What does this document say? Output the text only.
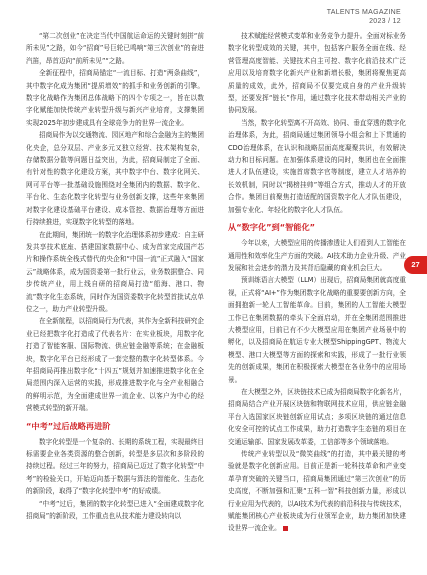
TALENTS MAGAZINE
2023 / 12

“第二次创业”在决定当代中国航运命运的关键时刻拼“前所未见”之路，如今“招商”号巨轮已鸣响“第三次创业”的奋进汽笛，昂首迈向“前所未见”“之路。

全新征程中，招商局锚定“一流目标、打造“两条曲线”，其中数字化成为集团“提质增效”的抓手和业务创新的引擎。数字化战略作为集团总体战略下的四个专项之一，旨在以数字化赋能加快传统产业转型升级与新兴产业培育，支撑集团实现2025年初步建成具有全球竞争力的世界一流企业。

招商局作为以交通物流、园区地产和综合金融为主的集团化央企，总分双层、产业多元又独立经营、技术架构复杂，存储数据分散等问题日益突出，为此，招商局制定了全面、有针对性的数字化建设方案，其中数字中台、数字化网关、网可平台等一批基础设施围绕对全集团内的数据、数字化、平台化、生态化数字化转型与业务创新支撑，这些年来集团对数字化建设基础平台建设、成本管控、数据治理等方面进行持续推进，实现数字化转型的落地。

在此期间，集团统一的数字化治理体系初步建成：自主研发共享技术底座、搭建国家数据中心、成为首家完成国产芯片和操作系统全栈式替代的央企和“中国一流”正式融入“国家云”战略体系，成为国资委第一批行业云，业务数据整合、同步传统产业，用上线自研的招商局打造“船海、港口、物流”数字化生态系统，同时作为国资委数字化转型首批试点单位之一，助力产业转型升级。

在全新航程，以招商局行为代表，其作为全新科技研究企业已经把数字化打造成了代表名片：在实业板块，用数字化打造了智能客服、国际物流、供应链金融等系统；在金融板块，数字化平台已经形成了一套完整的数字化转型体系。今年招商局再推出数字化“十四五”规划并加速推进数字化在全局范围内深入运营的实践，形成推进数字化与全产业相融合的鲜明示范，为全面建成世界一流企业、以客户为中心的经营模式转型的新开端。

“中考”过后战略再进阶

数字化转型是一个复杂的、长期的系统工程，实现最终目标需要企业各类资源的整合创新，转型是多层次和多阶段的持续过程。经过三年的努力，招商局已迈过了数字化转型“中考”的检验关口，开始迈向基于数据与算法的智能化、生态化的新阶段，取得了“数字化转型中考”的好成绩。

“中考”过后，集团的数字化转型已进入“全面建成数字化招商局”的新阶段，工作重点也从技术能力建设转向以

技术赋能经营模式变革和业务竞争力提升。全面对标业务数字化转型成效的关键，其中，包括客户服务全面在线、经营管理高度智能、关键技术自主可控、数字化前沿技术广泛应用以及培育数字化新兴产业和新增长极，集团将聚焦更高质量的成效，此外，招商局不仅要完成自身的产业升级转型，还要发挥“链长”作用，通过数字化技术带动相关产业的协同发展。

当然，数字化转型离不开高效、协同、垂直穿透的数字化治理体系，为此，招商局通过集团领导小组会和上下贯通的CDO治理体系，在认识和战略层面高度凝聚共识，有效解决动力和目标问题。在加强体系建设的同时，集团也在全面推进人才队伍建设，实施首席数字官等制度，建立人才培养的长效机制，同时以“揭榜挂帅”等组合方式，推动人才的开放合作。集团目前聚焦打造适配的国资数字化人才队伍建设，加强专业化、年轻化的数字化人才队伍。

从“数字化”到“智能化”

今年以来，大模型应用的传播渗透让人们看到人工智能在通用性和效率化生产方面的突破。AI技术助力企业升级、产业发展和社会进步的潜力及其背后隐藏的商业机会巨大。

预训练语言大模型（LLM）出现后，招商局集团就高度重视，正式将“AI+”作为集团数字化战略的重要要创新方向，全面拥抱新一轮人工智能革命。目前，集团的人工智能大模型工作已在集团数据的牵头下全面启动，并在全集团范围推进大模型应用，目前已有不少大模型应用在集团产业场景中的孵化，以及招商局在航运专业大模型ShippingGPT、物流大模型、港口大模型等方面的探索和实践，形成了一批行业领先的创新成果，集团在积极探索大模型在各业务中的应用场景。

在大模型之外，区块链技术已成为招商局数字化新名片，招商局结合产业开展区块链和物联网技术应用，供应链金融平台入选国家区块链创新应用试点；多项区块链的通过信息化安全可控的试点工作成果，助力打造数字生态链的项目在交通运输部、国家发展改革委，工信部等多个领域落地。

传统产业转型以及“微笑曲线”的打造，其中最关键的考验就是数字化创新应用。目前正是新一轮科技革命和产业变革孕育突破的关键当口，招商局集团通过“第三次创业”的历史高度，不断加强和汇聚“五科一智”科技创新力量，形成以行业应用为代表的，以AI技术为代表的前沿科技与传统技术，赋能集团核心产业板块成为行业领军企业，助力集团加快建设世界一流企业。

27
